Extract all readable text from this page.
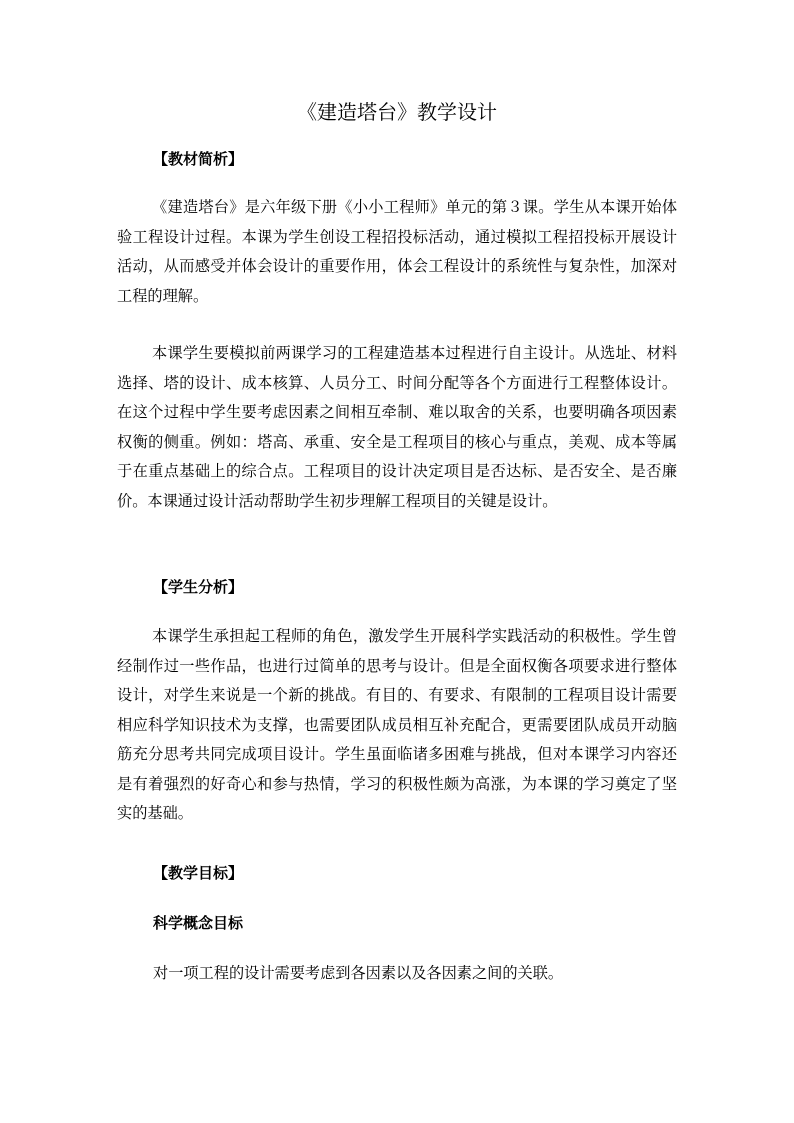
《建造塔台》教学设计
【教材简析】

《建造塔台》是六年级下册《小小工程师》单元的第３课。学生从本课开始体验工程设计过程。本课为学生创设工程招投标活动，通过模拟工程招投标开展设计活动，从而感受并体会设计的重要作用，体会工程设计的系统性与复杂性，加深对工程的理解。

本课学生要模拟前两课学习的工程建造基本过程进行自主设计。从选址、材料选择、塔的设计、成本核算、人员分工、时间分配等各个方面进行工程整体设计。在这个过程中学生要考虑因素之间相互牵制、难以取舍的关系，也要明确各项因素权衡的侧重。例如：塔高、承重、安全是工程项目的核心与重点，美观、成本等属于在重点基础上的综合点。工程项目的设计决定项目是否达标、是否安全、是否廉价。本课通过设计活动帮助学生初步理解工程项目的关键是设计。

【学生分析】

本课学生承担起工程师的角色，激发学生开展科学实践活动的积极性。学生曾经制作过一些作品，也进行过简单的思考与设计。但是全面权衡各项要求进行整体设计，对学生来说是一个新的挑战。有目的、有要求、有限制的工程项目设计需要相应科学知识技术为支撑，也需要团队成员相互补充配合，更需要团队成员开动脑筋充分思考共同完成项目设计。学生虽面临诸多困难与挑战，但对本课学习内容还是有着强烈的好奇心和参与热情，学习的积极性颇为高涨，为本课的学习奠定了坚实的基础。

【教学目标】
科学概念目标

对一项工程的设计需要考虑到各因素以及各因素之间的关联。
